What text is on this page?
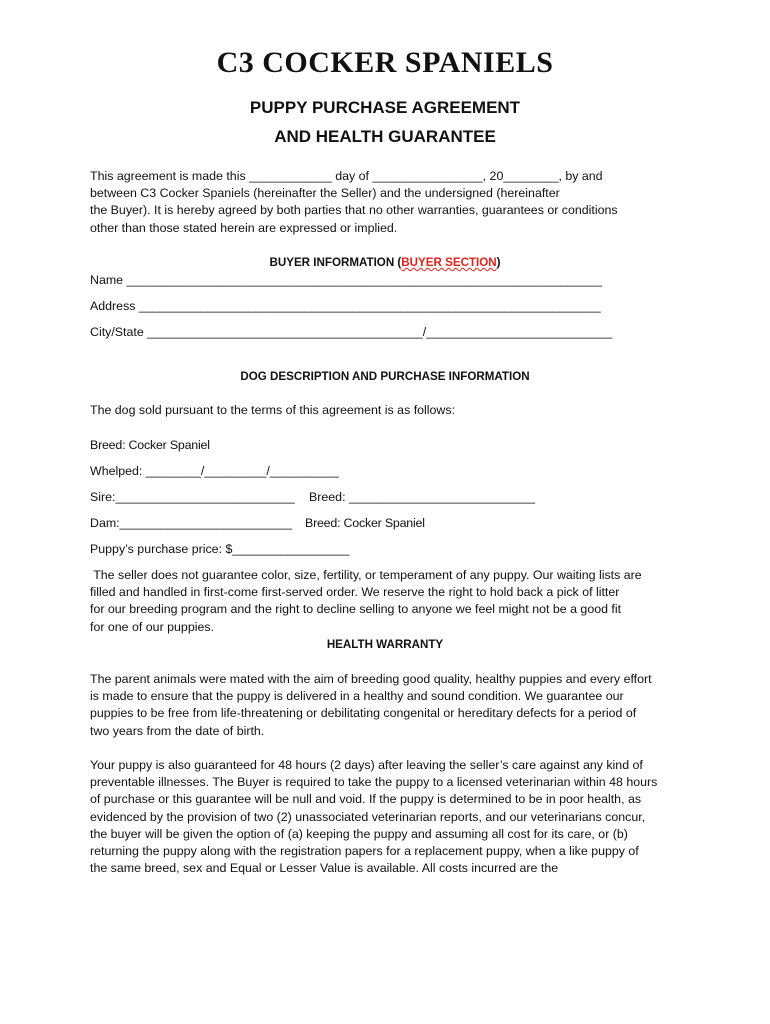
C3 COCKER SPANIELS
PUPPY PURCHASE AGREEMENT
AND HEALTH GUARANTEE
This agreement is made this ____________ day of ________________, 20________, by and
between C3 Cocker Spaniels (hereinafter the Seller) and the undersigned (hereinafter
the Buyer). It is hereby agreed by both parties that no other warranties, guarantees or conditions
other than those stated herein are expressed or implied.
BUYER INFORMATION (BUYER SECTION)
Name _____________________________________________________________________
Address ___________________________________________________________________
City/State ________________________________________/___________________________
DOG DESCRIPTION AND PURCHASE INFORMATION
The dog sold pursuant to the terms of this agreement is as follows:
Breed: Cocker Spaniel
Whelped: ________/_________/__________
Sire:__________________________ Breed: ___________________________
Dam:_________________________ Breed: Cocker Spaniel
Puppy’s purchase price: $_________________
The seller does not guarantee color, size, fertility, or temperament of any puppy. Our waiting lists are
filled and handled in first-come first-served order. We reserve the right to hold back a pick of litter
for our breeding program and the right to decline selling to anyone we feel might not be a good fit
for one of our puppies.
HEALTH WARRANTY
The parent animals were mated with the aim of breeding good quality, healthy puppies and every effort
is made to ensure that the puppy is delivered in a healthy and sound condition. We guarantee our
puppies to be free from life-threatening or debilitating congenital or hereditary defects for a period of
two years from the date of birth.
Your puppy is also guaranteed for 48 hours (2 days) after leaving the seller’s care against any kind of
preventable illnesses. The Buyer is required to take the puppy to a licensed veterinarian within 48 hours
of purchase or this guarantee will be null and void. If the puppy is determined to be in poor health, as
evidenced by the provision of two (2) unassociated veterinarian reports, and our veterinarians concur,
the buyer will be given the option of (a) keeping the puppy and assuming all cost for its care, or (b)
returning the puppy along with the registration papers for a replacement puppy, when a like puppy of
the same breed, sex and Equal or Lesser Value is available. All costs incurred are the
